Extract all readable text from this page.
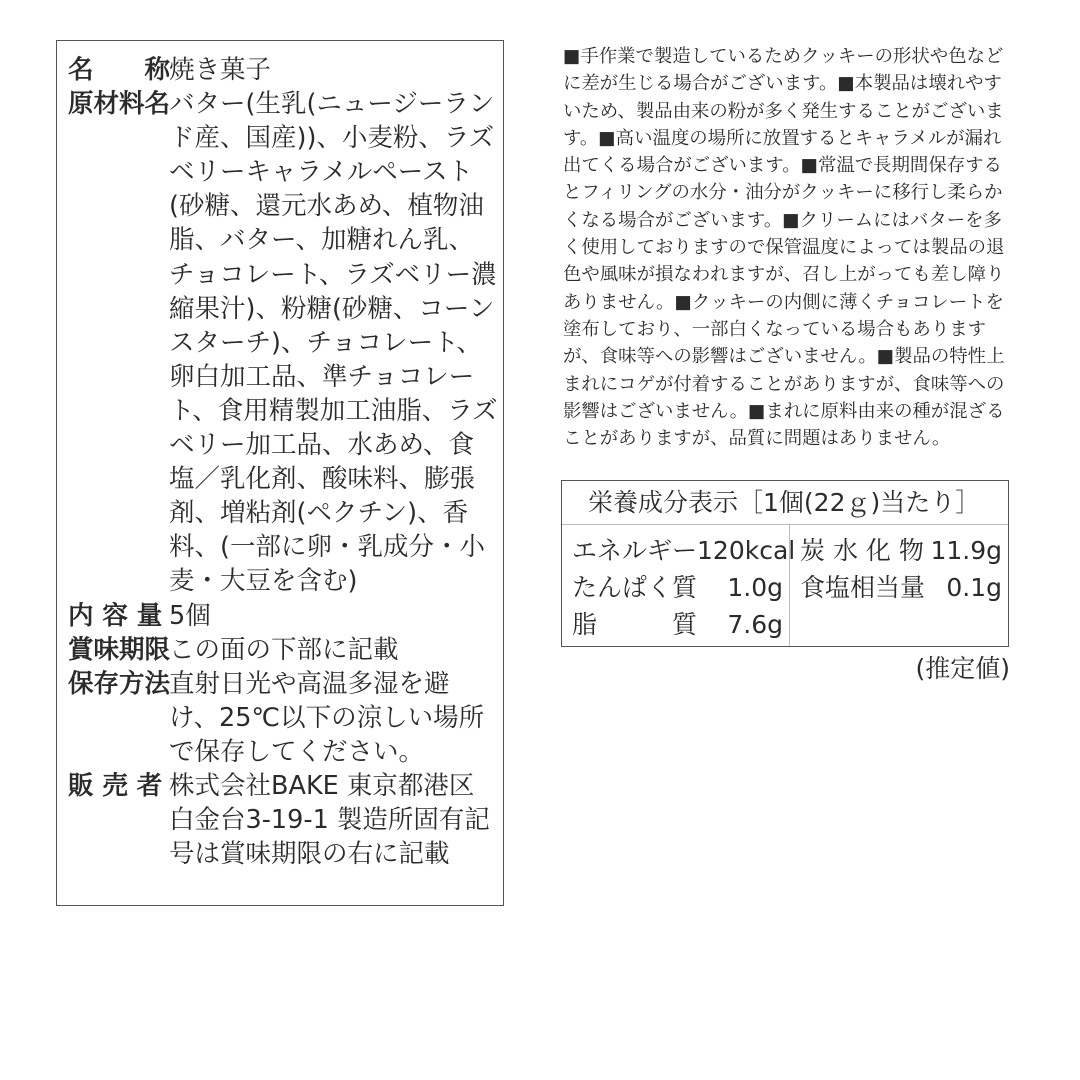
名　　称
焼き菓子
原材料名
バター(生乳(ニュージーランド産、国産))、小麦粉、ラズベリーキャラメルペースト(砂糖、還元水あめ、植物油脂、バター、加糖れん乳、チョコレート、ラズベリー濃縮果汁)、粉糖(砂糖、コーンスターチ)、チョコレート、卵白加工品、準チョコレート、食用精製加工油脂、ラズベリー加工品、水あめ、食塩／乳化剤、酸味料、膨張剤、増粘剤(ペクチン)、香料、(一部に卵・乳成分・小麦・大豆を含む)
内 容 量 5個
賞味期限
この面の下部に記載
保存方法
直射日光や高温多湿を避け、25℃以下の涼しい場所で保存してください。
販 売 者 株式会社BAKE 東京都港区白金台3-19-1 製造所固有記号は賞味期限の右に記載

■手作業で製造しているためクッキーの形状や色などに差が生じる場合がございます。■本製品は壊れやすいため、製品由来の粉が多く発生することがございます。■高い温度の場所に放置するとキャラメルが漏れ出てくる場合がございます。■常温で長期間保存するとフィリングの水分・油分がクッキーに移行し柔らかくなる場合がございます。■クリームにはバターを多く使用しておりますので保管温度によっては製品の退色や風味が損なわれますが、召し上がっても差し障りありません。■クッキーの内側に薄くチョコレートを塗布しており、一部白くなっている場合もありますが、食味等への影響はございません。■製品の特性上まれにコゲが付着することがありますが、食味等への影響はございません。■まれに原料由来の種が混ざることがありますが、品質に問題はありません。

栄養成分表示［1個(22ｇ)当たり］
エネルギー 120kcal
たんぱく質 1.0g
脂　　　質 7.6g
炭 水 化 物 11.9g
食塩相当量 0.1g
(推定値)
